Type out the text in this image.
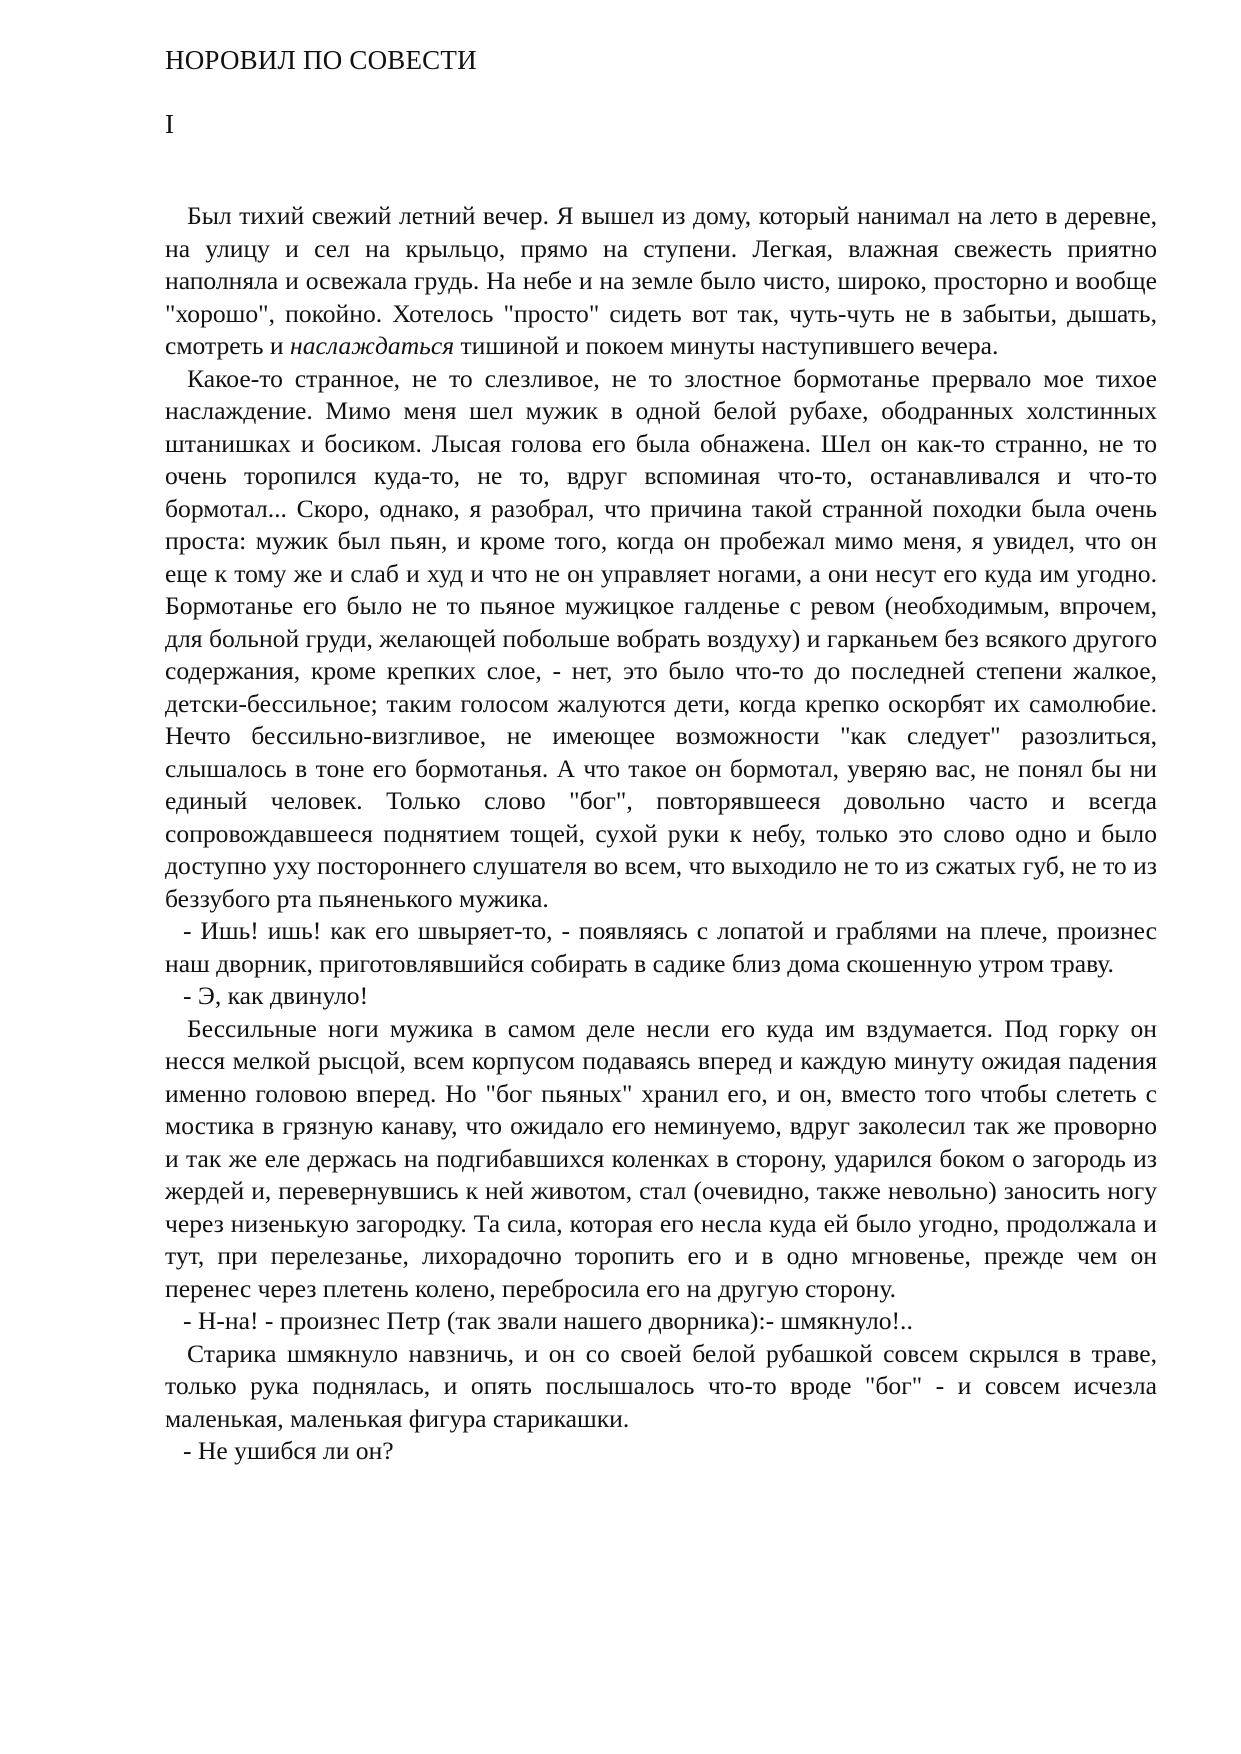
НОРОВИЛ ПО СОВЕСТИ
I

Был тихий свежий летний вечер. Я вышел из дому, который нанимал на лето в деревне, на улицу и сел на крыльцо, прямо на ступени. Легкая, влажная свежесть приятно наполняла и освежала грудь. На небе и на земле было чисто, широко, просторно и вообще "хорошо", покойно. Хотелось "просто" сидеть вот так, чуть-чуть не в забытьи, дышать, смотреть и наслаждаться тишиной и покоем минуты наступившего вечера.

Какое-то странное, не то слезливое, не то злостное бормотанье прервало мое тихое наслаждение. Мимо меня шел мужик в одной белой рубахе, ободранных холстинных штанишках и босиком. Лысая голова его была обнажена. Шел он как-то странно, не то очень торопился куда-то, не то, вдруг вспоминая что-то, останавливался и что-то бормотал... Скоро, однако, я разобрал, что причина такой странной походки была очень проста: мужик был пьян, и кроме того, когда он пробежал мимо меня, я увидел, что он еще к тому же и слаб и худ и что не он управляет ногами, а они несут его куда им угодно. Бормотанье его было не то пьяное мужицкое галденье с ревом (необходимым, впрочем, для больной груди, желающей побольше вобрать воздуху) и гарканьем без всякого другого содержания, кроме крепких слое, - нет, это было что-то до последней степени жалкое, детски-бессильное; таким голосом жалуются дети, когда крепко оскорбят их самолюбие. Нечто бессильно-визгливое, не имеющее возможности "как следует" разозлиться, слышалось в тоне его бормотанья. А что такое он бормотал, уверяю вас, не понял бы ни единый человек. Только слово "бог", повторявшееся довольно часто и всегда сопровождавшееся поднятием тощей, сухой руки к небу, только это слово одно и было доступно уху постороннего слушателя во всем, что выходило не то из сжатых губ, не то из беззубого рта пьяненького мужика.

- Ишь! ишь! как его швыряет-то, - появляясь с лопатой и граблями на плече, произнес наш дворник, приготовлявшийся собирать в садике близ дома скошенную утром траву.

- Э, как двинуло!

Бессильные ноги мужика в самом деле несли его куда им вздумается. Под горку он несся мелкой рысцой, всем корпусом подаваясь вперед и каждую минуту ожидая падения именно головою вперед. Но "бог пьяных" хранил его, и он, вместо того чтобы слететь с мостика в грязную канаву, что ожидало его неминуемо, вдруг заколесил так же проворно и так же еле держась на подгибавшихся коленках в сторону, ударился боком о загородь из жердей и, перевернувшись к ней животом, стал (очевидно, также невольно) заносить ногу через низенькую загородку. Та сила, которая его несла куда ей было угодно, продолжала и тут, при перелезанье, лихорадочно торопить его и в одно мгновенье, прежде чем он перенес через плетень колено, перебросила его на другую сторону.

- Н-на! - произнес Петр (так звали нашего дворника):- шмякнуло!..

Старика шмякнуло навзничь, и он со своей белой рубашкой совсем скрылся в траве, только рука поднялась, и опять послышалось что-то вроде "бог" - и совсем исчезла маленькая, маленькая фигура старикашки.

- Не ушибся ли он?
